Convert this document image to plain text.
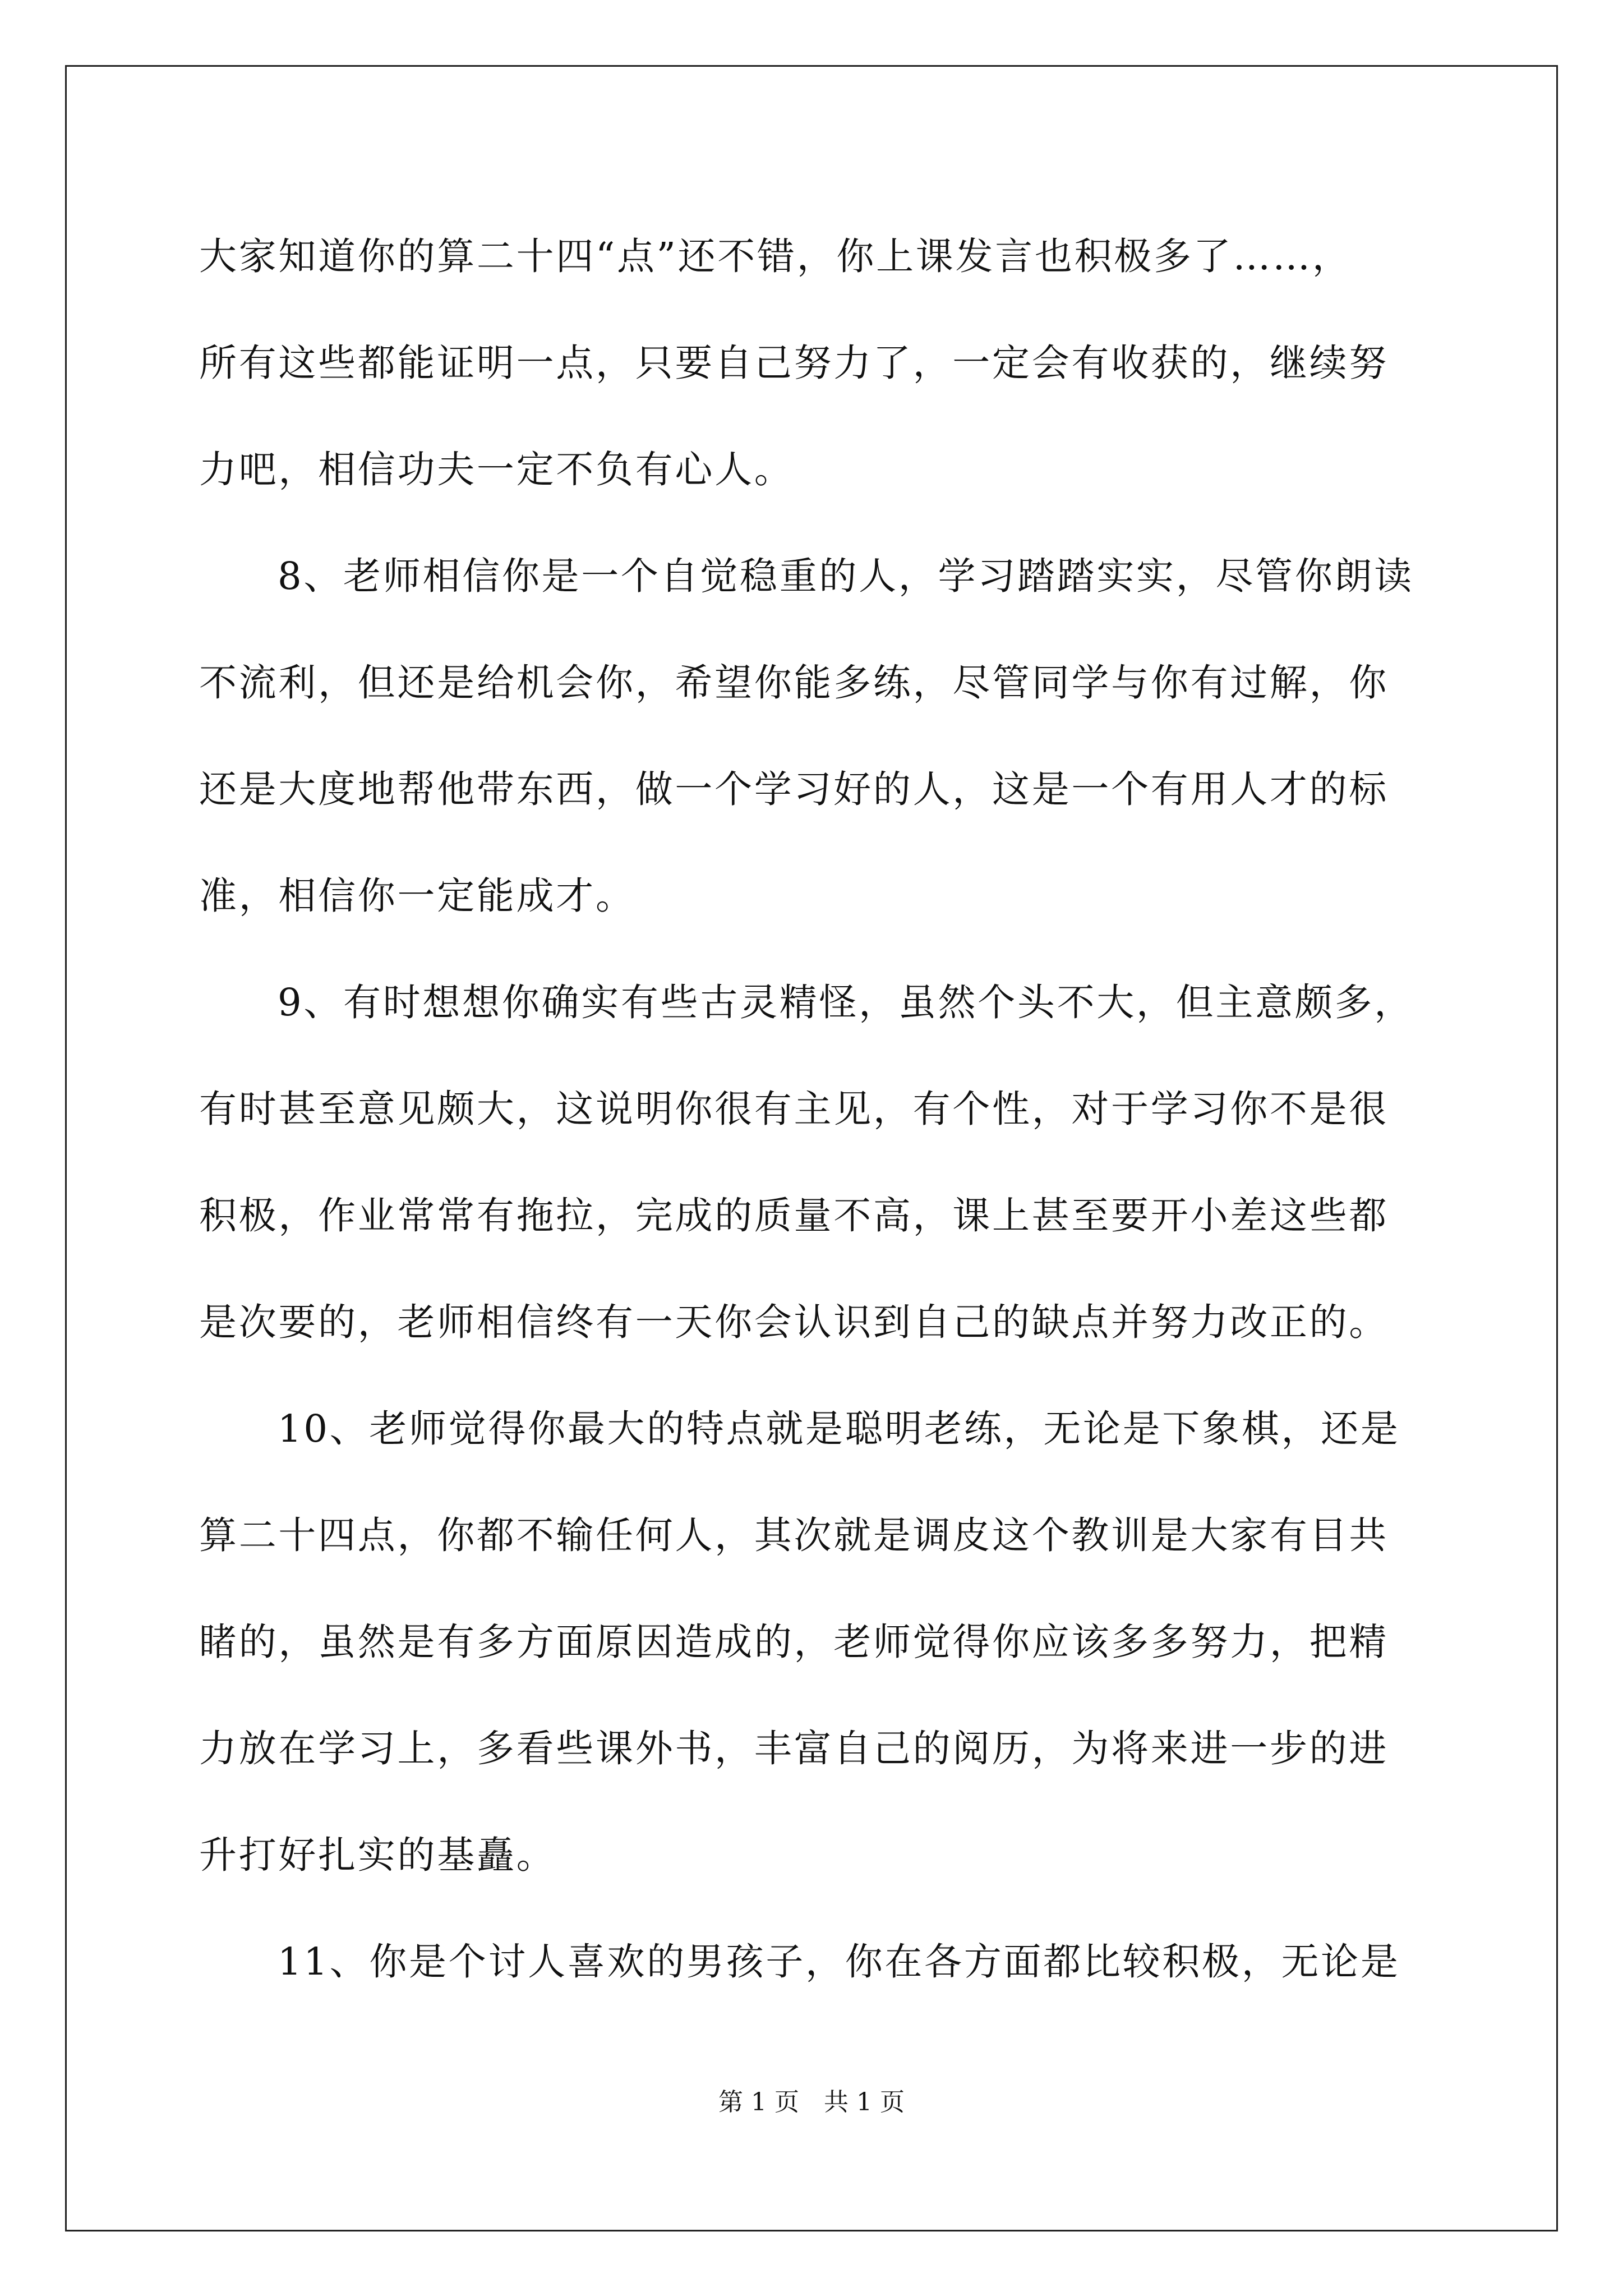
大家知道你的算二十四“点”还不错，你上课发言也积极多了……，
所有这些都能证明一点，只要自己努力了，一定会有收获的，继续努
力吧，相信功夫一定不负有心人。
8、老师相信你是一个自觉稳重的人，学习踏踏实实，尽管你朗读
不流利，但还是给机会你，希望你能多练，尽管同学与你有过解，你
还是大度地帮他带东西，做一个学习好的人，这是一个有用人才的标
准，相信你一定能成才。
9、有时想想你确实有些古灵精怪，虽然个头不大，但主意颇多，
有时甚至意见颇大，这说明你很有主见，有个性，对于学习你不是很
积极，作业常常有拖拉，完成的质量不高，课上甚至要开小差这些都
是次要的，老师相信终有一天你会认识到自己的缺点并努力改正的。
10、老师觉得你最大的特点就是聪明老练，无论是下象棋，还是
算二十四点，你都不输任何人，其次就是调皮这个教训是大家有目共
睹的，虽然是有多方面原因造成的，老师觉得你应该多多努力，把精
力放在学习上，多看些课外书，丰富自己的阅历，为将来进一步的进
升打好扎实的基矗。
11、你是个讨人喜欢的男孩子，你在各方面都比较积极，无论是
第 1 页　共 1 页
